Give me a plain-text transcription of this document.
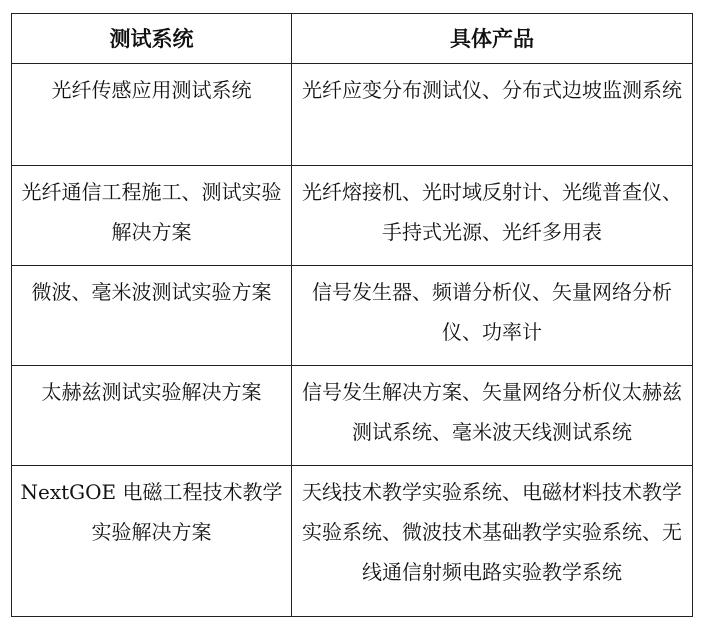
测试系统	具体产品
光纤传感应用测试系统	光纤应变分布测试仪、分布式边坡监测系统
光纤通信工程施工、测试实验解决方案	光纤熔接机、光时域反射计、光缆普查仪、手持式光源、光纤多用表
微波、毫米波测试实验方案	信号发生器、频谱分析仪、矢量网络分析仪、功率计
太赫兹测试实验解决方案	信号发生解决方案、矢量网络分析仪太赫兹测试系统、毫米波天线测试系统
NextGOE 电磁工程技术教学实验解决方案	天线技术教学实验系统、电磁材料技术教学实验系统、微波技术基础教学实验系统、无线通信射频电路实验教学系统
